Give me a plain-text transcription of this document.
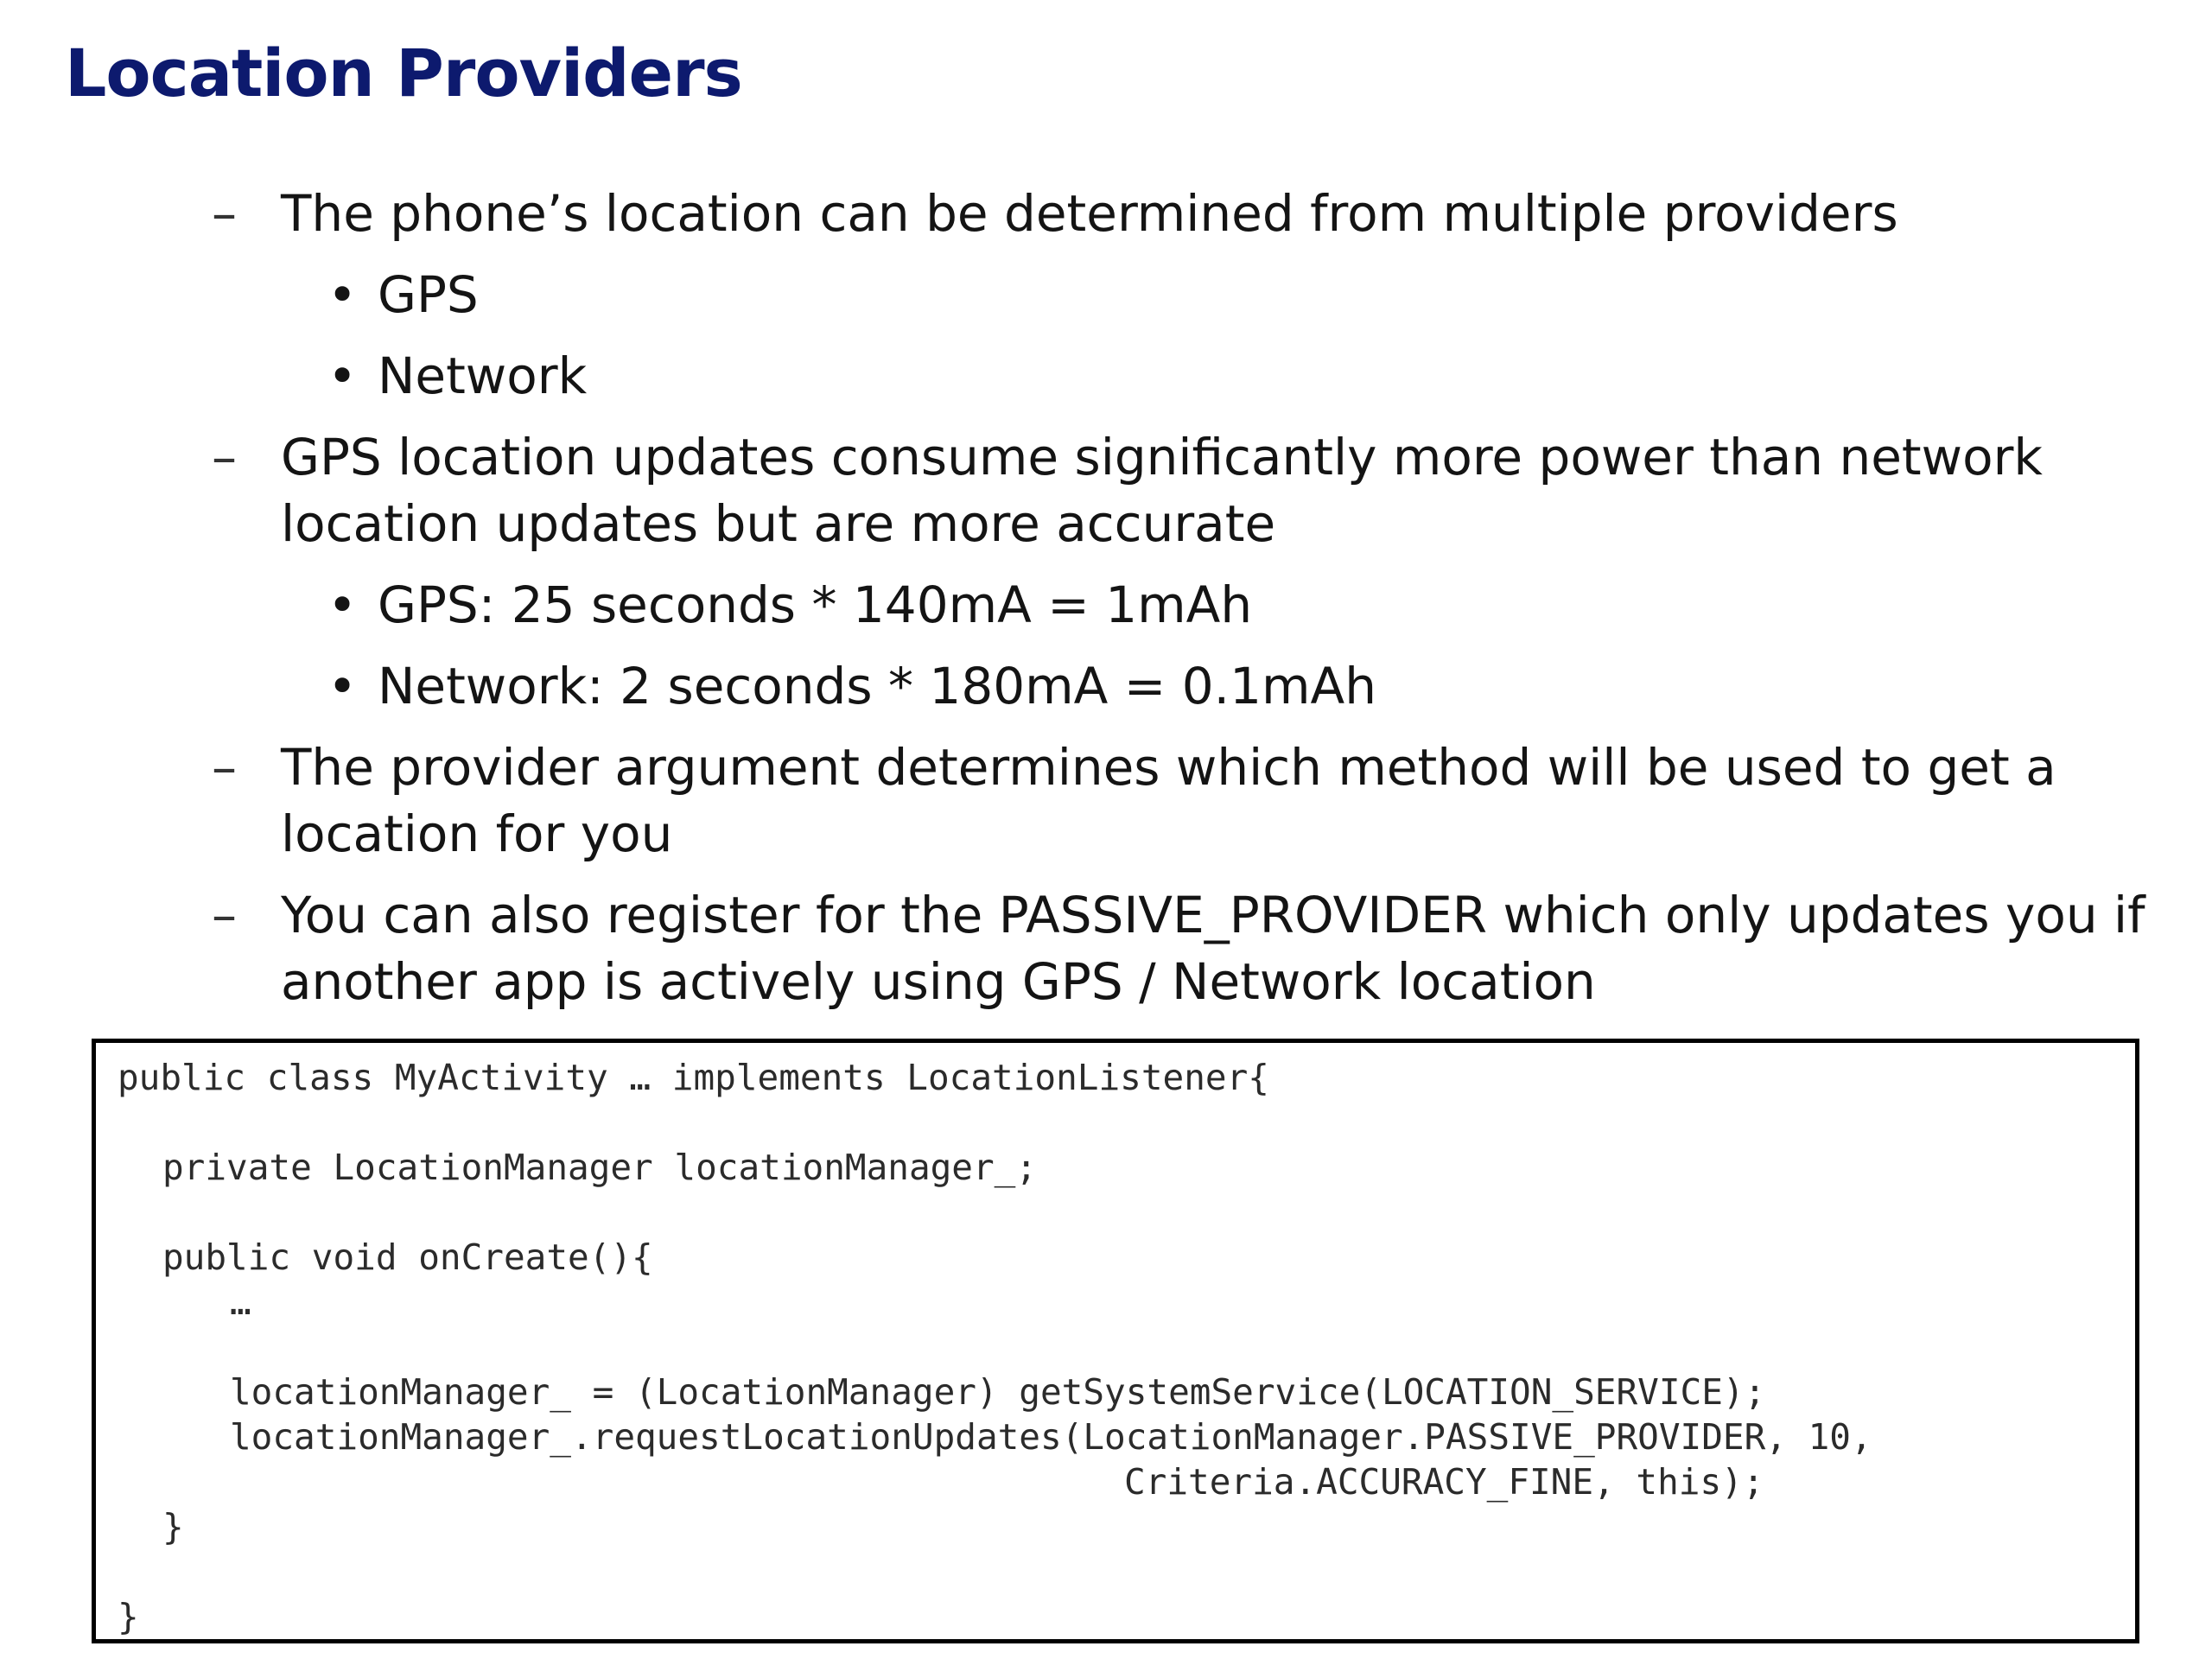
Location Providers
– The phone’s location can be determined from multiple providers
• GPS
• Network
– GPS location updates consume significantly more power than network
location updates but are more accurate
• GPS: 25 seconds * 140mA = 1mAh
• Network: 2 seconds * 180mA = 0.1mAh
– The provider argument determines which method will be used to get a
location for you
– You can also register for the PASSIVE_PROVIDER which only updates you if
another app is actively using GPS / Network location
public class MyActivity … implements LocationListener{
private LocationManager locationManager_;
public void onCreate(){
…
locationManager_ = (LocationManager) getSystemService(LOCATION_SERVICE);
locationManager_.requestLocationUpdates(LocationManager.PASSIVE_PROVIDER, 10,
Criteria.ACCURACY_FINE, this);
}
}
